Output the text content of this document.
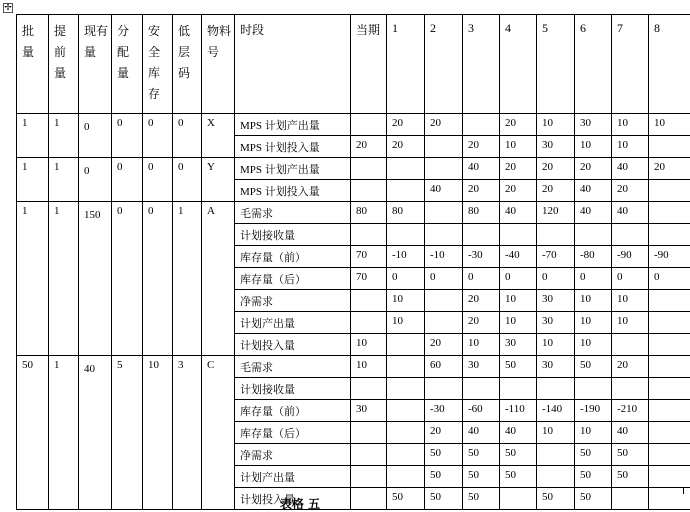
✢
批量	提前量	现有量	分配量	安全库存	低层码	物料号	时段	当期	1	2	3	4	5	6	7	8
1	1	0	0	0	0	X	MPS 计划产出量		20	20		20	10	30	10	10
							MPS 计划投入量	20	20		20	10	30	10	10	
1	1	0	0	0	0	Y	MPS 计划产出量				40	20	20	20	40	20
							MPS 计划投入量			40	20	20	20	40	20	
1	1	150	0	0	1	A	毛需求	80	80		80	40	120	40	40	
							计划接收量									
							库存量（前）	70	-10	-10	-30	-40	-70	-80	-90	-90
							库存量（后）	70	0	0	0	0	0	0	0	0
							净需求		10		20	10	30	10	10	
							计划产出量		10		20	10	30	10	10	
							计划投入量	10		20	10	30	10	10		
50	1	40	5	10	3	C	毛需求	10		60	30	50	30	50	20	
							计划接收量									
							库存量（前）	30		-30	-60	-110	-140	-190	-210	
							库存量（后）			20	40	40	10	10	40	
							净需求			50	50	50		50	50	
							计划产出量			50	50	50		50	50	
							计划投入量		50	50	50		50	50		
表格 五
